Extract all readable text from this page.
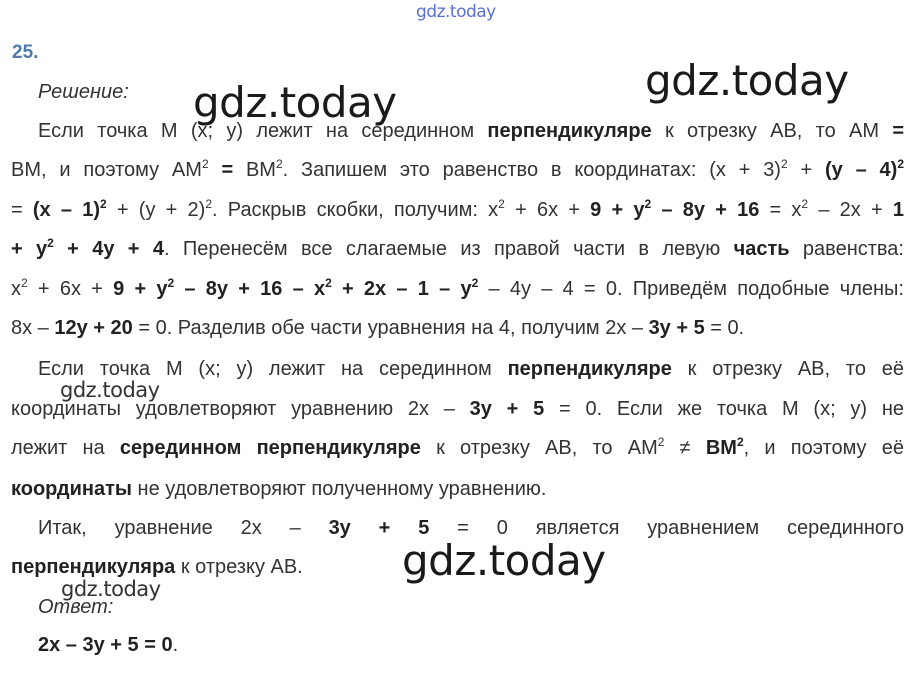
gdz.today
25.
Решение:
Если точка М (x; y) лежит на серединном перпендикуляре к отрезку АВ, то АМ =
ВМ, и поэтому $АМ^2 = ВМ^2$. Запишем это равенство в координатах: $(x + 3)^2 + (y - 4)^2$
= $(x - 1)^2 + (y + 2)^2$. Раскрыв скобки, получим: $x^2 + 6x + 9 + y^2 - 8y + 16 = x^2 - 2x + 1$
+ $y^2 + 4y + 4$. Перенесём все слагаемые из правой части в левую часть равенства:
$x^2 + 6x + 9 + y^2 - 8y + 16 - x^2 + 2x - 1 - y^2 - 4y - 4 = 0$. Приведём подобные члены:
8x – 12y + 20 = 0. Разделив обе части уравнения на 4, получим 2x – 3y + 5 = 0.
Если точка М (x; y) лежит на серединном перпендикуляре к отрезку АВ, то её
координаты удовлетворяют уравнению 2x – 3y + 5 = 0. Если же точка М (x; y) не
лежит на серединном перпендикуляре к отрезку АВ, то $АМ^2 \ne ВМ^2$, и поэтому её
координаты не удовлетворяют полученному уравнению.
Итак, уравнение 2x – 3y + 5 = 0 является уравнением серединного
перпендикуляра к отрезку АВ.
Ответ:
2x – 3y + 5 = 0.
gdz.today
gdz.today
gdz.today
gdz.today
gdz.today
